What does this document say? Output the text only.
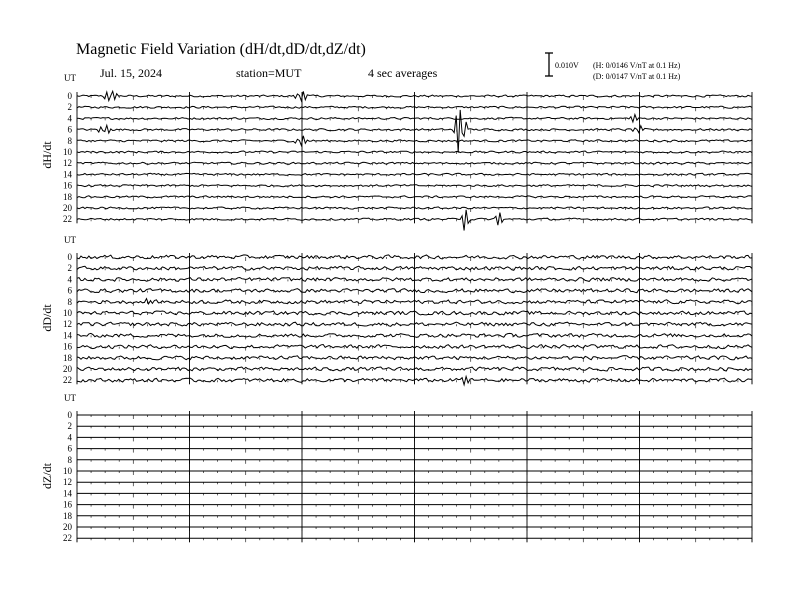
Magnetic Field Variation (dH/dt,dD/dt,dZ/dt)
Jul. 15, 2024	station=MUT	4 sec averages
0.010V (H: 0/0146 V/nT at 0.1 Hz)
(D: 0/0147 V/nT at 0.1 Hz)
UT
dH/dt
0
2
4
6
8
10
12
14
16
18
20
22
UT
dD/dt
0
2
4
6
8
10
12
14
16
18
20
22
UT
dZ/dt
0
2
4
6
8
10
12
14
16
18
20
22
